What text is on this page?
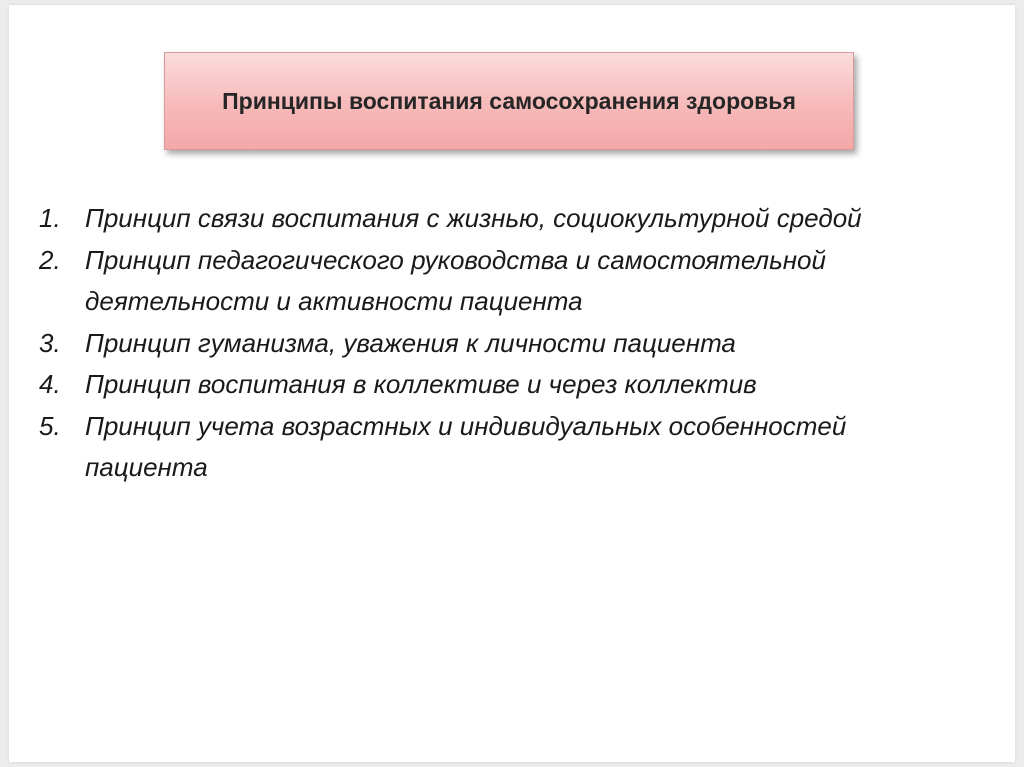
Принципы воспитания самосохранения здоровья
1. Принцип связи воспитания с жизнью, социокультурной средой
2. Принцип педагогического руководства и самостоятельной деятельности и активности пациента
3. Принцип гуманизма, уважения к личности пациента
4. Принцип воспитания в коллективе и через коллектив
5. Принцип учета возрастных и индивидуальных особенностей пациента
